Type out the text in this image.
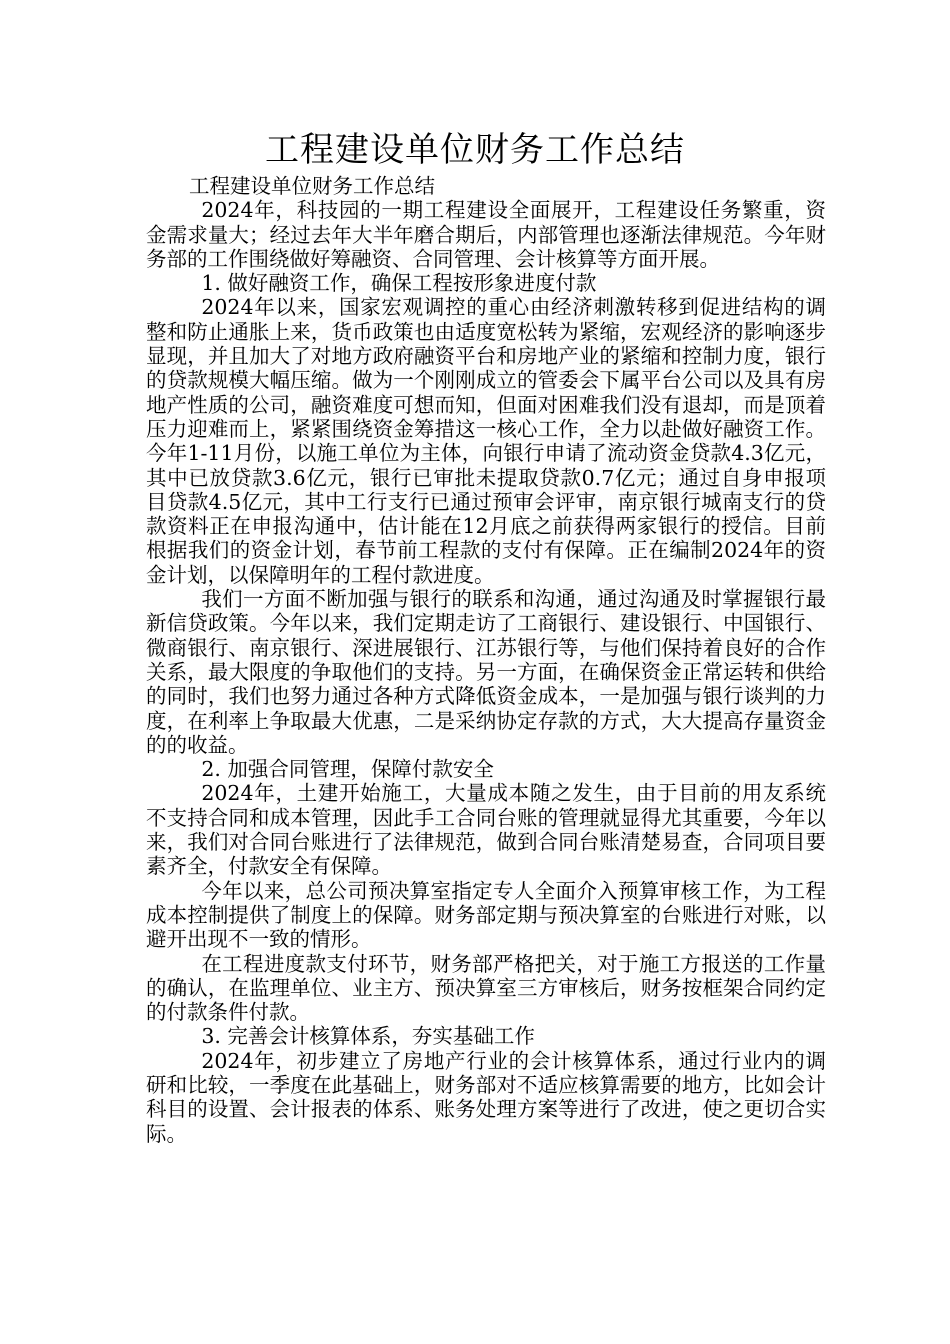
工程建设单位财务工作总结

工程建设单位财务工作总结

2024年，科技园的一期工程建设全面展开，工程建设任务繁重，资金需求量大；经过去年大半年磨合期后，内部管理也逐渐法律规范。今年财务部的工作围绕做好筹融资、合同管理、会计核算等方面开展。

1. 做好融资工作，确保工程按形象进度付款

2024年以来，国家宏观调控的重心由经济刺激转移到促进结构的调整和防止通胀上来，货币政策也由适度宽松转为紧缩，宏观经济的影响逐步显现，并且加大了对地方政府融资平台和房地产业的紧缩和控制力度，银行的贷款规模大幅压缩。做为一个刚刚成立的管委会下属平台公司以及具有房地产性质的公司，融资难度可想而知，但面对困难我们没有退却，而是顶着压力迎难而上，紧紧围绕资金筹措这一核心工作，全力以赴做好融资工作。今年1-11月份，以施工单位为主体，向银行申请了流动资金贷款4.3亿元，其中已放贷款3.6亿元，银行已审批未提取贷款0.7亿元；通过自身申报项目贷款4.5亿元，其中工行支行已通过预审会评审，南京银行城南支行的贷款资料正在申报沟通中，估计能在12月底之前获得两家银行的授信。目前根据我们的资金计划，春节前工程款的支付有保障。正在编制2024年的资金计划，以保障明年的工程付款进度。

我们一方面不断加强与银行的联系和沟通，通过沟通及时掌握银行最新信贷政策。今年以来，我们定期走访了工商银行、建设银行、中国银行、微商银行、南京银行、深进展银行、江苏银行等，与他们保持着良好的合作关系，最大限度的争取他们的支持。另一方面，在确保资金正常运转和供给的同时，我们也努力通过各种方式降低资金成本，一是加强与银行谈判的力度，在利率上争取最大优惠，二是采纳协定存款的方式，大大提高存量资金的的收益。

2. 加强合同管理，保障付款安全

2024年，土建开始施工，大量成本随之发生，由于目前的用友系统不支持合同和成本管理，因此手工合同台账的管理就显得尤其重要，今年以来，我们对合同台账进行了法律规范，做到合同台账清楚易查，合同项目要素齐全，付款安全有保障。

今年以来，总公司预决算室指定专人全面介入预算审核工作，为工程成本控制提供了制度上的保障。财务部定期与预决算室的台账进行对账，以避开出现不一致的情形。

在工程进度款支付环节，财务部严格把关，对于施工方报送的工作量的确认，在监理单位、业主方、预决算室三方审核后，财务按框架合同约定的付款条件付款。

3. 完善会计核算体系，夯实基础工作

2024年，初步建立了房地产行业的会计核算体系，通过行业内的调研和比较，一季度在此基础上，财务部对不适应核算需要的地方，比如会计科目的设置、会计报表的体系、账务处理方案等进行了改进，使之更切合实际。
